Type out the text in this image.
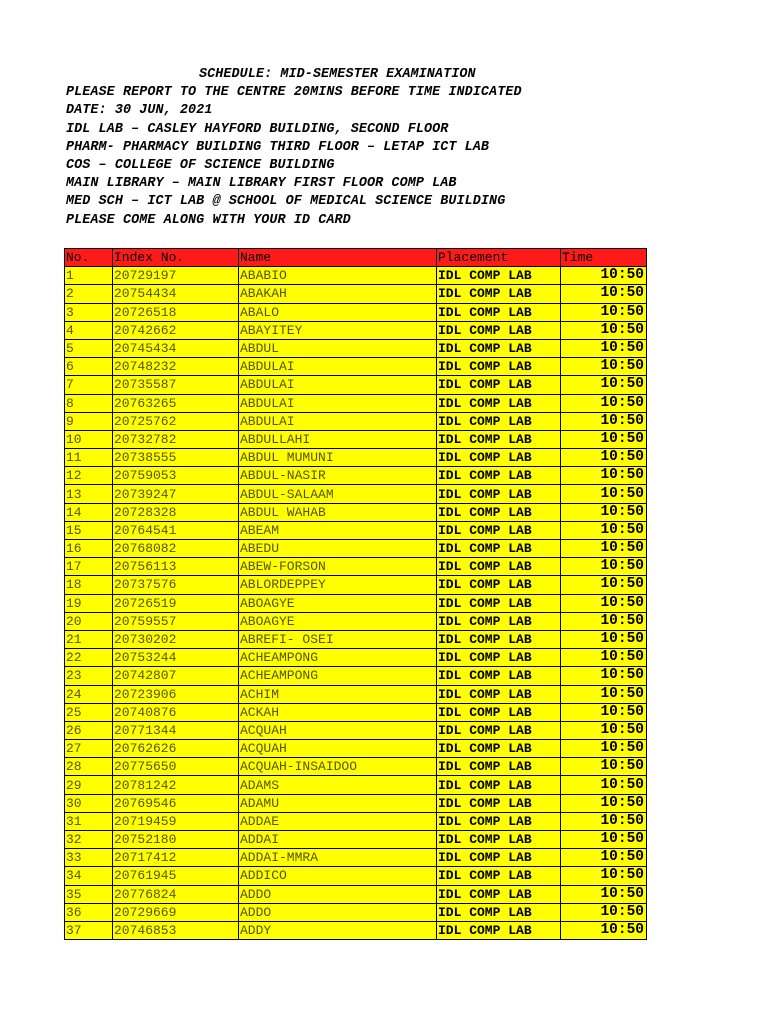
SCHEDULE: MID-SEMESTER EXAMINATION
PLEASE REPORT TO THE CENTRE 20MINS BEFORE TIME INDICATED
DATE: 30 JUN, 2021
IDL LAB – CASLEY HAYFORD BUILDING, SECOND FLOOR
PHARM- PHARMACY BUILDING THIRD FLOOR – LETAP ICT LAB
COS – COLLEGE OF SCIENCE BUILDING
MAIN LIBRARY – MAIN LIBRARY FIRST FLOOR COMP LAB
MED SCH – ICT LAB @ SCHOOL OF MEDICAL SCIENCE BUILDING
PLEASE COME ALONG WITH YOUR ID CARD
No.	Index No.	Name	Placement	Time
1	20729197	ABABIO	IDL COMP LAB	10:50
2	20754434	ABAKAH	IDL COMP LAB	10:50
3	20726518	ABALO	IDL COMP LAB	10:50
4	20742662	ABAYITEY	IDL COMP LAB	10:50
5	20745434	ABDUL	IDL COMP LAB	10:50
6	20748232	ABDULAI	IDL COMP LAB	10:50
7	20735587	ABDULAI	IDL COMP LAB	10:50
8	20763265	ABDULAI	IDL COMP LAB	10:50
9	20725762	ABDULAI	IDL COMP LAB	10:50
10	20732782	ABDULLAHI	IDL COMP LAB	10:50
11	20738555	ABDUL MUMUNI	IDL COMP LAB	10:50
12	20759053	ABDUL-NASIR	IDL COMP LAB	10:50
13	20739247	ABDUL-SALAAM	IDL COMP LAB	10:50
14	20728328	ABDUL WAHAB	IDL COMP LAB	10:50
15	20764541	ABEAM	IDL COMP LAB	10:50
16	20768082	ABEDU	IDL COMP LAB	10:50
17	20756113	ABEW-FORSON	IDL COMP LAB	10:50
18	20737576	ABLORDEPPEY	IDL COMP LAB	10:50
19	20726519	ABOAGYE	IDL COMP LAB	10:50
20	20759557	ABOAGYE	IDL COMP LAB	10:50
21	20730202	ABREFI- OSEI	IDL COMP LAB	10:50
22	20753244	ACHEAMPONG	IDL COMP LAB	10:50
23	20742807	ACHEAMPONG	IDL COMP LAB	10:50
24	20723906	ACHIM	IDL COMP LAB	10:50
25	20740876	ACKAH	IDL COMP LAB	10:50
26	20771344	ACQUAH	IDL COMP LAB	10:50
27	20762626	ACQUAH	IDL COMP LAB	10:50
28	20775650	ACQUAH-INSAIDOO	IDL COMP LAB	10:50
29	20781242	ADAMS	IDL COMP LAB	10:50
30	20769546	ADAMU	IDL COMP LAB	10:50
31	20719459	ADDAE	IDL COMP LAB	10:50
32	20752180	ADDAI	IDL COMP LAB	10:50
33	20717412	ADDAI-MMRA	IDL COMP LAB	10:50
34	20761945	ADDICO	IDL COMP LAB	10:50
35	20776824	ADDO	IDL COMP LAB	10:50
36	20729669	ADDO	IDL COMP LAB	10:50
37	20746853	ADDY	IDL COMP LAB	10:50
